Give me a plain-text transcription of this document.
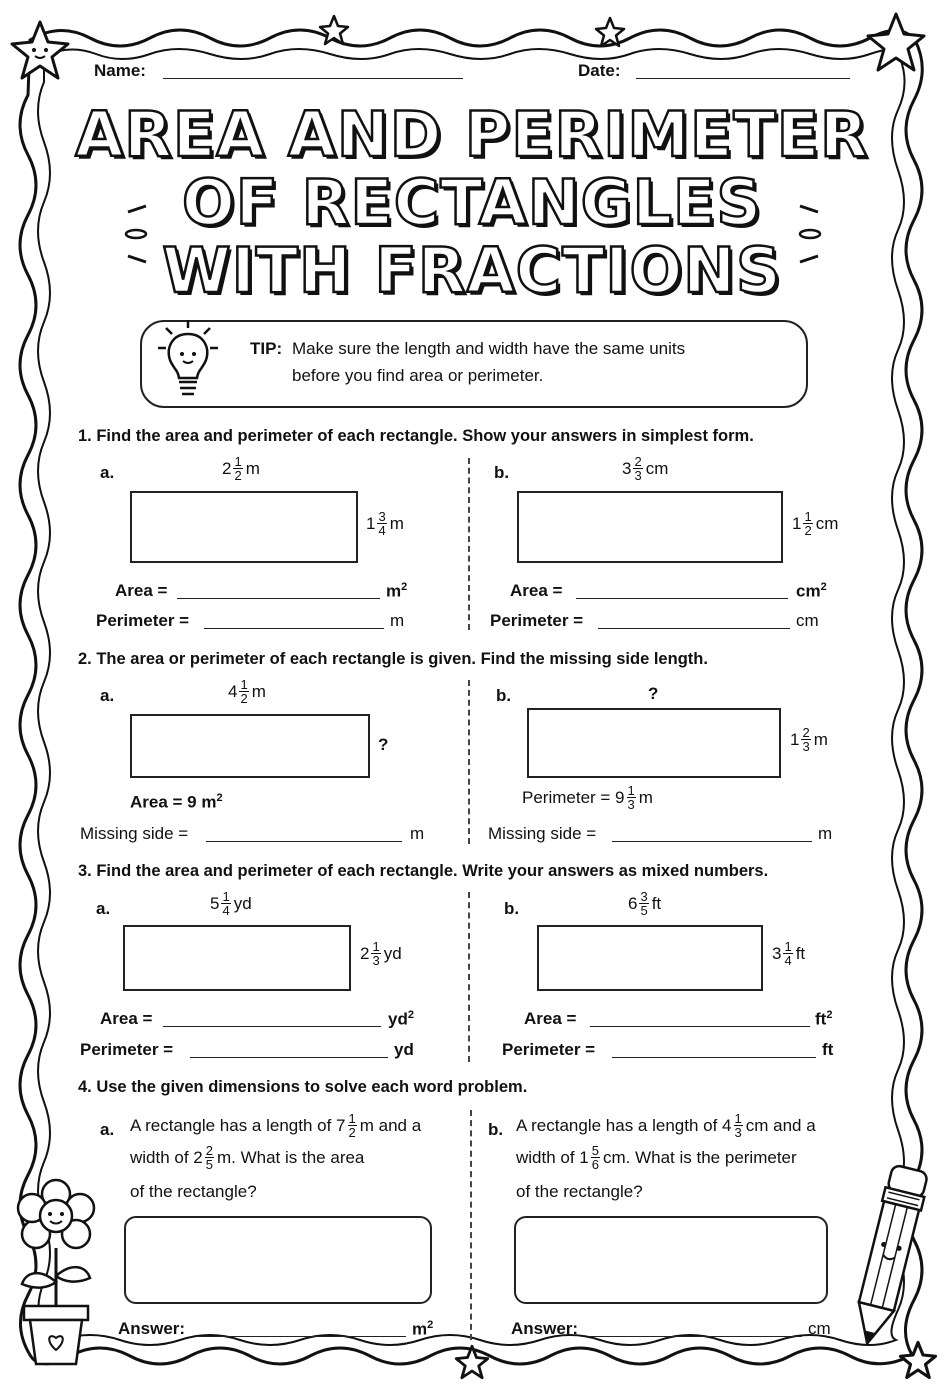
Name:	Date:
AREA AND PERIMETER
OF RECTANGLES
WITH FRACTIONS
TIP: Make sure the length and width have the same units
before you find area or perimeter.
1. Find the area and perimeter of each rectangle. Show your answers in simplest form.
a.	2 1
2 m
1 3
4 m
Area =	$m^2$
Perimeter =	m
b.	3 2
3 cm
1 1
2 cm
Area =	$cm^2$
Perimeter =	cm
2. The area or perimeter of each rectangle is given. Find the missing side length.
a.	4 1
2 m
?
Area = 9 $m^2$
Missing side =	m
b.	?
1 2
3 m
Perimeter = 9 1
3 m
Missing side =	m
3. Find the area and perimeter of each rectangle. Write your answers as mixed numbers.
a.	5 1
4 yd
2 1
3 yd
Area =	$yd^2$
Perimeter =	yd
b.	6 3
5 ft
3 1
4 ft
Area =	$ft^2$
Perimeter =	ft
4. Use the given dimensions to solve each word problem.
a. A rectangle has a length of 7 1
2 m and a
width of 2 2
5 m. What is the area
of the rectangle?
Answer:	$m^2$
b. A rectangle has a length of 4 1
3 cm and a
width of 1 5
6 cm. What is the perimeter
of the rectangle?
Answer:	cm
